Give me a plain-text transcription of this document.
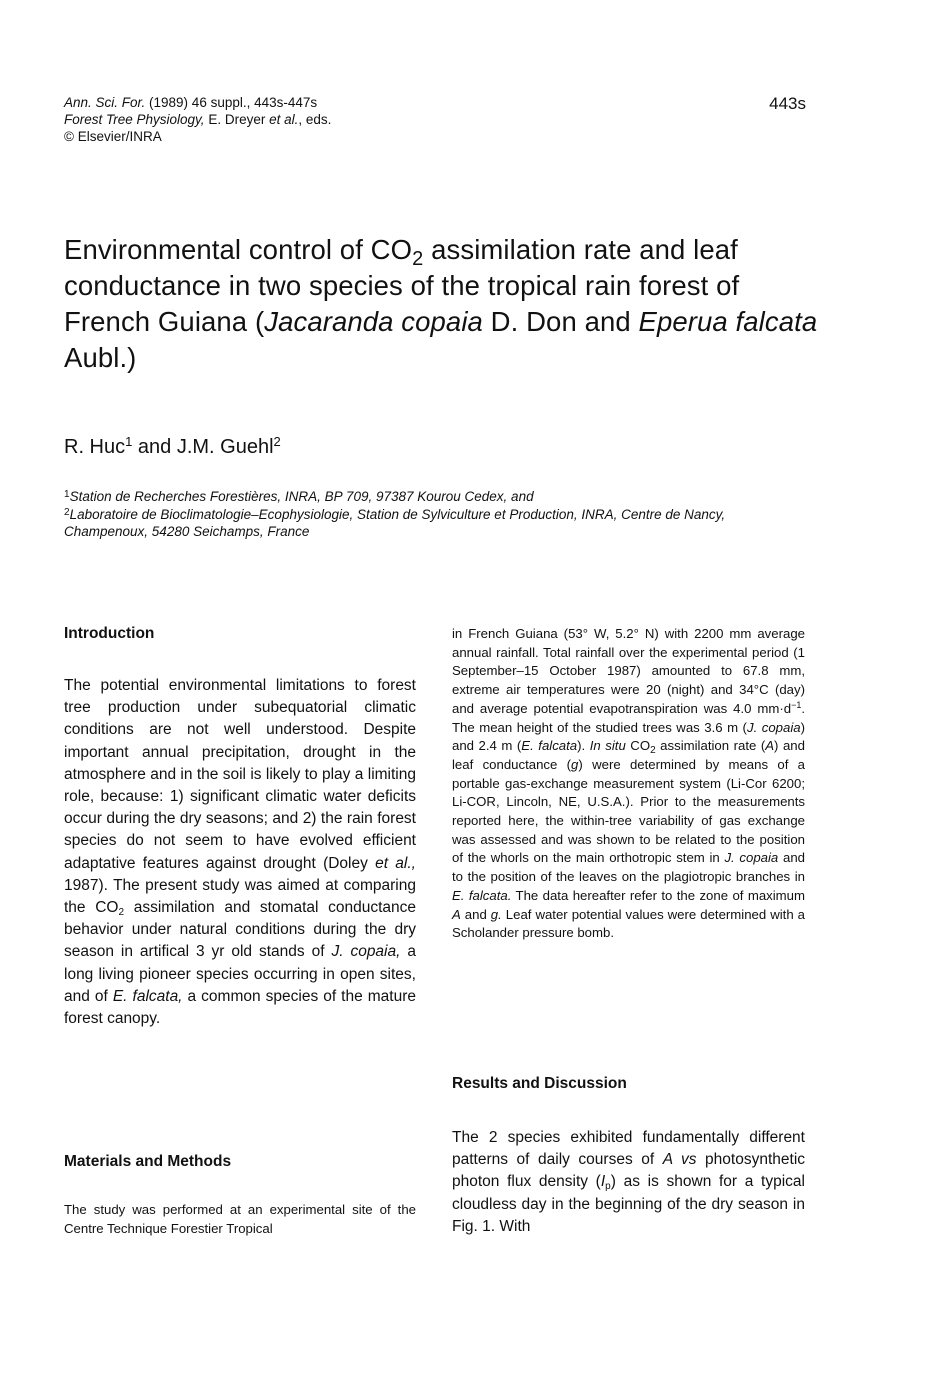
Ann. Sci. For. (1989) 46 suppl., 443s-447s
Forest Tree Physiology, E. Dreyer et al., eds.
© Elsevier/INRA
443s
Environmental control of $CO_2$ assimilation rate and leaf conductance in two species of the tropical rain forest of French Guiana (Jacaranda copaia D. Don and Eperua falcata Aubl.)
R. Huc$^1$ and J.M. Guehl$^2$
$^1$Station de Recherches Forestières, INRA, BP 709, 97387 Kourou Cedex, and
$^2$Laboratoire de Bioclimatologie–Ecophysiologie, Station de Sylviculture et Production, INRA, Centre de Nancy, Champenoux, 54280 Seichamps, France
Introduction
The potential environmental limitations to forest tree production under subequatorial climatic conditions are not well understood. Despite important annual precipitation, drought in the atmosphere and in the soil is likely to play a limiting role, because: 1) significant climatic water deficits occur during the dry seasons; and 2) the rain forest species do not seem to have evolved efficient adaptative features against drought (Doley et al., 1987). The present study was aimed at comparing the $CO_2$ assimilation and stomatal conductance behavior under natural conditions during the dry season in artifical 3 yr old stands of J. copaia, a long living pioneer species occurring in open sites, and of E. falcata, a common species of the mature forest canopy.
Materials and Methods
The study was performed at an experimental site of the Centre Technique Forestier Tropical
in French Guiana (53° W, 5.2° N) with 2200 mm average annual rainfall. Total rainfall over the experimental period (1 September–15 October 1987) amounted to 67.8 mm, extreme air temperatures were 20 (night) and 34°C (day) and average potential evapotranspiration was 4.0 $mm\cdot d^{-1}$. The mean height of the studied trees was 3.6 m (J. copaia) and 2.4 m (E. falcata). In situ $CO_2$ assimilation rate (A) and leaf conductance (g) were determined by means of a portable gas-exchange measurement system (Li-Cor 6200; Li-COR, Lincoln, NE, U.S.A.). Prior to the measurements reported here, the within-tree variability of gas exchange was assessed and was shown to be related to the position of the whorls on the main orthotropic stem in J. copaia and to the position of the leaves on the plagiotropic branches in E. falcata. The data hereafter refer to the zone of maximum A and g. Leaf water potential values were determined with a Scholander pressure bomb.
Results and Discussion
The 2 species exhibited fundamentally different patterns of daily courses of A vs photosynthetic photon flux density $(I_p)$ as is shown for a typical cloudless day in the beginning of the dry season in Fig. 1. With
